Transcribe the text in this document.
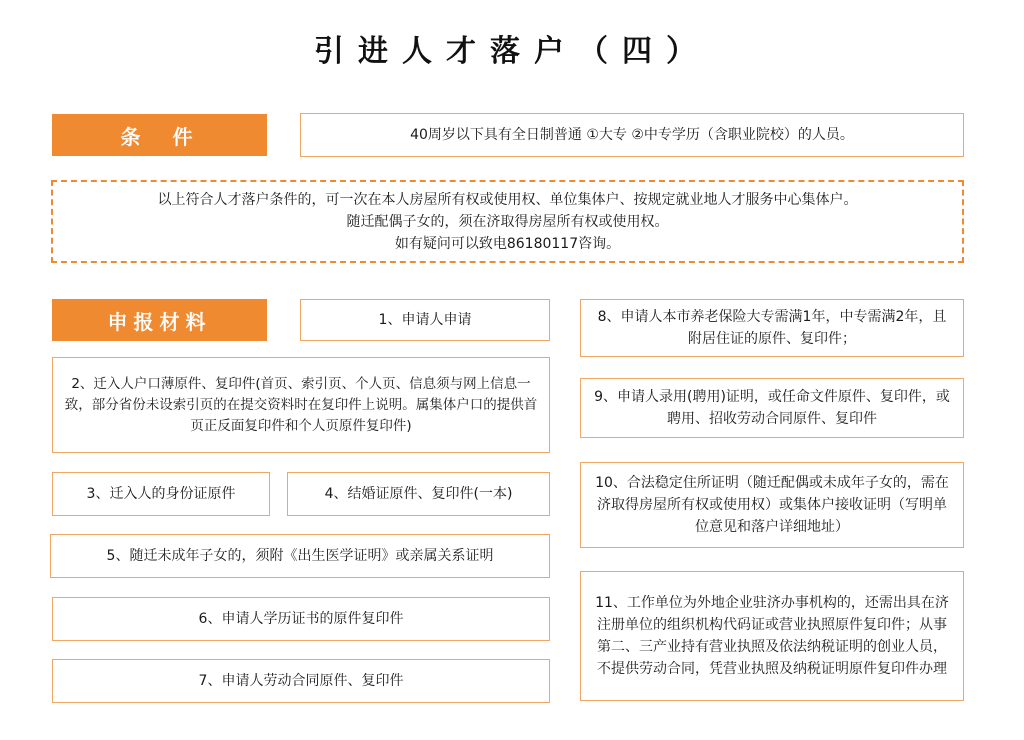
引进人才落户（四）
条　件	40周岁以下具有全日制普通 ①大专 ②中专学历（含职业院校）的人员。
以上符合人才落户条件的，可一次在本人房屋所有权或使用权、单位集体户、按规定就业地人才服务中心集体户。
随迁配偶子女的，须在济取得房屋所有权或使用权。
如有疑问可以致电86180117咨询。
申报材料	1、申请人申请
2、迁入人户口薄原件、复印件(首页、索引页、个人页、信息须与网上信息一致，部分省份未设索引页的在提交资料时在复印件上说明。属集体户口的提供首页正反面复印件和个人页原件复印件)
3、迁入人的身份证原件	4、结婚证原件、复印件(一本)
5、随迁未成年子女的，须附《出生医学证明》或亲属关系证明
6、申请人学历证书的原件复印件
7、申请人劳动合同原件、复印件
8、申请人本市养老保险大专需满1年，中专需满2年，且附居住证的原件、复印件；
9、申请人录用(聘用)证明，或任命文件原件、复印件，或聘用、招收劳动合同原件、复印件
10、合法稳定住所证明（随迁配偶或未成年子女的，需在济取得房屋所有权或使用权）或集体户接收证明（写明单位意见和落户详细地址）
11、工作单位为外地企业驻济办事机构的，还需出具在济注册单位的组织机构代码证或营业执照原件复印件；从事第二、三产业持有营业执照及依法纳税证明的创业人员，不提供劳动合同，凭营业执照及纳税证明原件复印件办理
